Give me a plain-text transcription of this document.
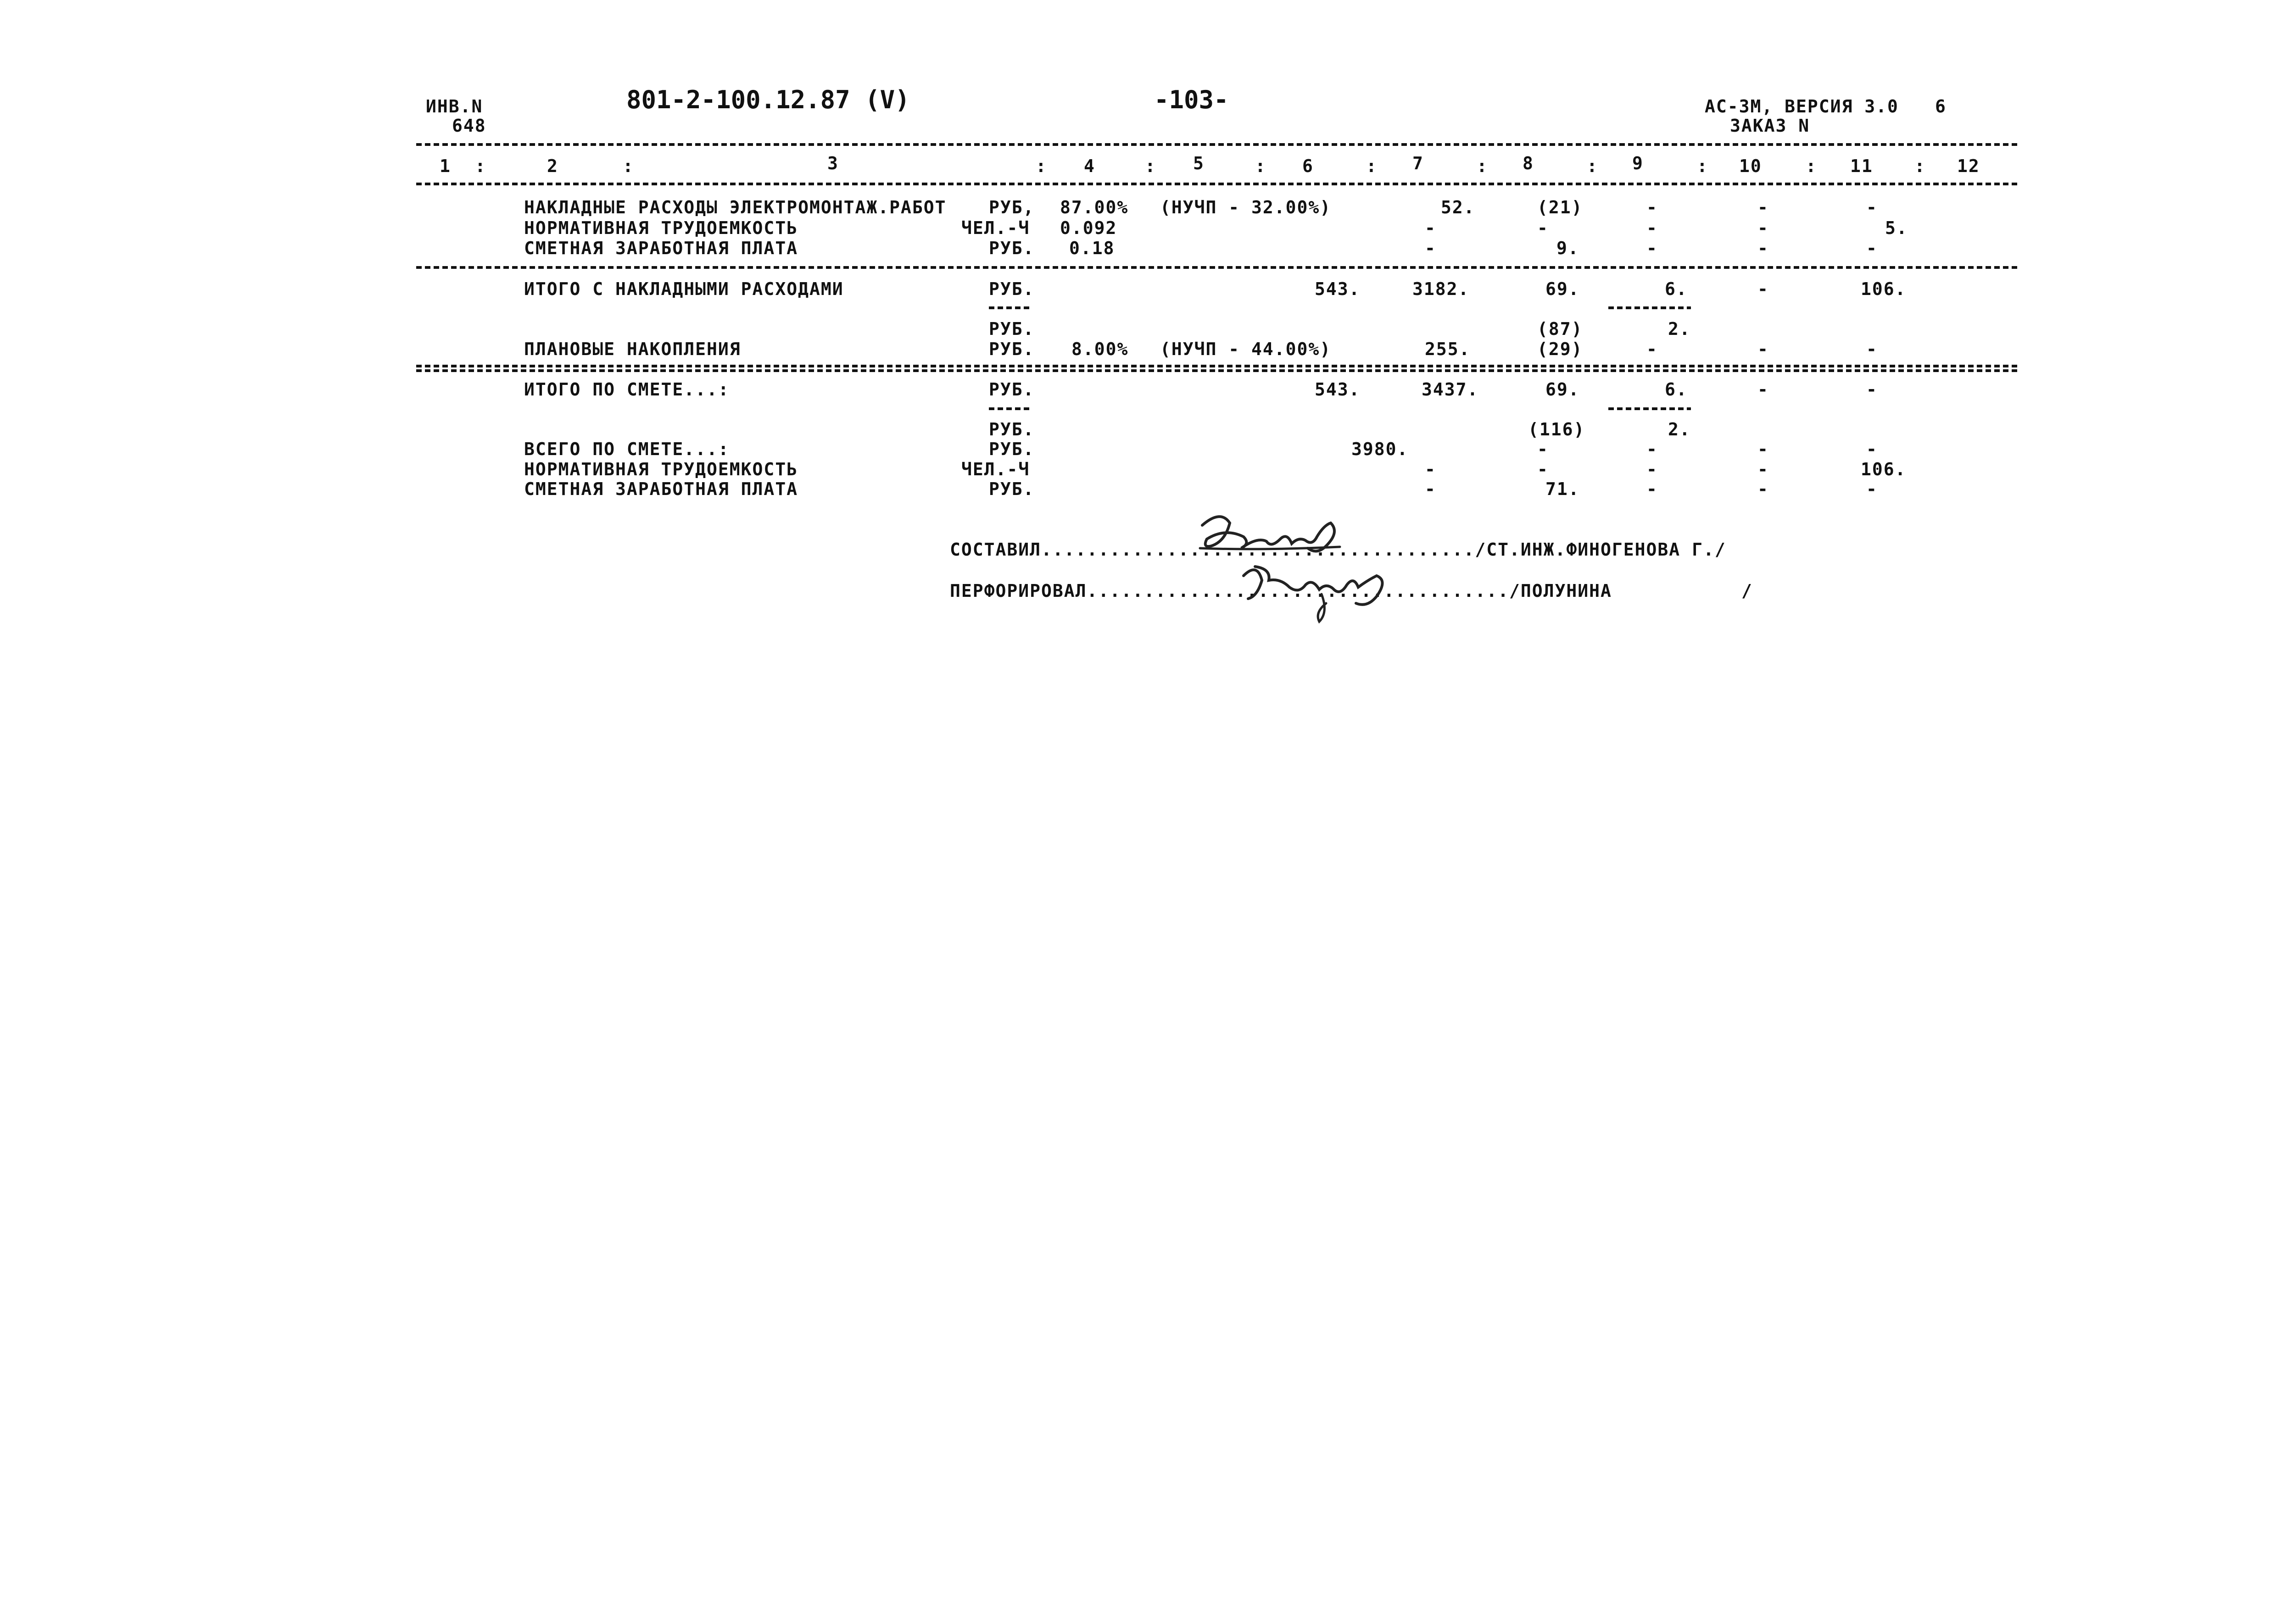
ИНВ.N
648
801-2-100.12.87 (V)	-103-	АС-3М, ВЕРСИЯ 3.0 6
ЗАКАЗ N
1 :	2	:	3	: 4	: 5	: 6	: 7	: 8	: 9	: 10	: 11 : 12
НАКЛАДНЫЕ РАСХОДЫ ЭЛЕКТРОМОНТАЖ.РАБОТ РУБ, 87.00% (НУЧП - 32.00%)	52.	(21)	-	-	-
НОРМАТИВНАЯ ТРУДОЕМКОСТЬ	ЧЕЛ.-Ч 0.092	-	-	-	-	5.
СМЕТНАЯ ЗАРАБОТНАЯ ПЛАТА	РУБ. 0.18	-	9.	-	-	-
ИТОГО С НАКЛАДНЫМИ РАСХОДАМИ	РУБ.	543.	3182.	69.	6.	-	106.
РУБ.	(87)	2.
ПЛАНОВЫЕ НАКОПЛЕНИЯ	РУБ. 8.00% (НУЧП - 44.00%)	255.	(29)	-	-	-
ИТОГО ПО СМЕТЕ...:	РУБ.	543.	3437.	69.	6.	-	-
РУБ.	(116)	2.
ВСЕГО ПО СМЕТЕ...:	РУБ.	3980.	-	-	-	-
НОРМАТИВНАЯ ТРУДОЕМКОСТЬ	ЧЕЛ.-Ч	-	-	-	-	106.
СМЕТНАЯ ЗАРАБОТНАЯ ПЛАТА	РУБ.	-	71.	-	-	-
СОСТАВИЛ....................................../СТ.ИНЖ.ФИНОГЕНОВА Г./
ПЕРФОРИРОВАЛ...................................../ПОЛУНИНА	/
